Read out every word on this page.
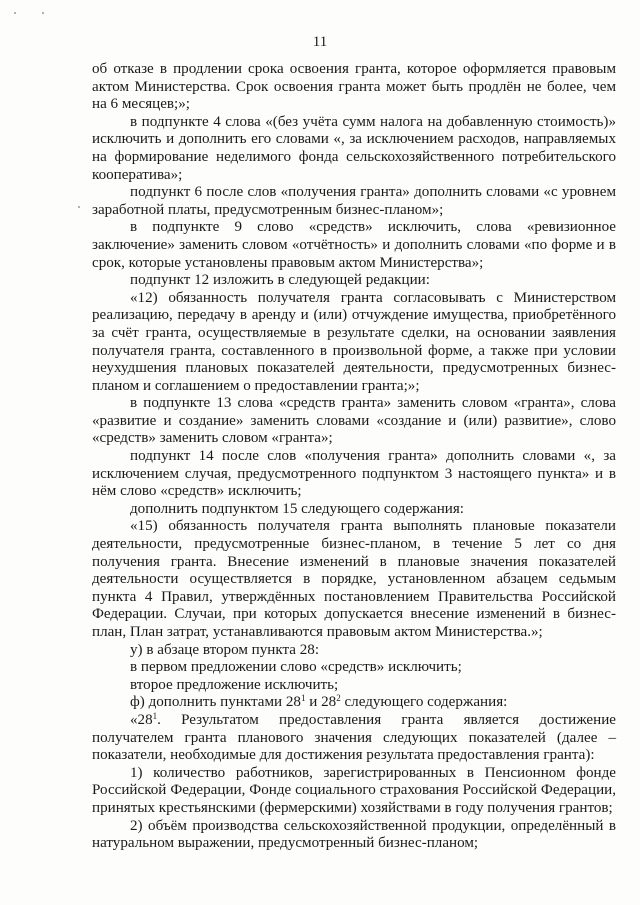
11

об отказе в продлении срока освоения гранта, которое оформляется правовым актом Министерства. Срок освоения гранта может быть продлён не более, чем на 6 месяцев;»;

в подпункте 4 слова «(без учёта сумм налога на добавленную стоимость)» исключить и дополнить его словами «, за исключением расходов, направляемых на формирование неделимого фонда сельскохозяйственного потребительского кооператива»;

подпункт 6 после слов «получения гранта» дополнить словами «с уровнем заработной платы, предусмотренным бизнес-планом»;

в подпункте 9 слово «средств» исключить, слова «ревизионное заключение» заменить словом «отчётность» и дополнить словами «по форме и в срок, которые установлены правовым актом Министерства»;

подпункт 12 изложить в следующей редакции:

«12) обязанность получателя гранта согласовывать с Министерством реализацию, передачу в аренду и (или) отчуждение имущества, приобретённого за счёт гранта, осуществляемые в результате сделки, на основании заявления получателя гранта, составленного в произвольной форме, а также при условии неухудшения плановых показателей деятельности, предусмотренных бизнес-планом и соглашением о предоставлении гранта;»;

в подпункте 13 слова «средств гранта» заменить словом «гранта», слова «развитие и создание» заменить словами «создание и (или) развитие», слово «средств» заменить словом «гранта»;

подпункт 14 после слов «получения гранта» дополнить словами «, за исключением случая, предусмотренного подпунктом 3 настоящего пункта» и в нём слово «средств» исключить;

дополнить подпунктом 15 следующего содержания:

«15) обязанность получателя гранта выполнять плановые показатели деятельности, предусмотренные бизнес-планом, в течение 5 лет со дня получения гранта. Внесение изменений в плановые значения показателей деятельности осуществляется в порядке, установленном абзацем седьмым пункта 4 Правил, утверждённых постановлением Правительства Российской Федерации. Случаи, при которых допускается внесение изменений в бизнес-план, План затрат, устанавливаются правовым актом Министерства.»;

у) в абзаце втором пункта 28:

в первом предложении слово «средств» исключить;

второе предложение исключить;

ф) дополнить пунктами $28^1$ и $28^2$ следующего содержания:

«$28^1$. Результатом предоставления гранта является достижение получателем гранта планового значения следующих показателей (далее – показатели, необходимые для достижения результата предоставления гранта):

1) количество работников, зарегистрированных в Пенсионном фонде Российской Федерации, Фонде социального страхования Российской Федерации, принятых крестьянскими (фермерскими) хозяйствами в году получения грантов;

2) объём производства сельскохозяйственной продукции, определённый в натуральном выражении, предусмотренный бизнес-планом;
